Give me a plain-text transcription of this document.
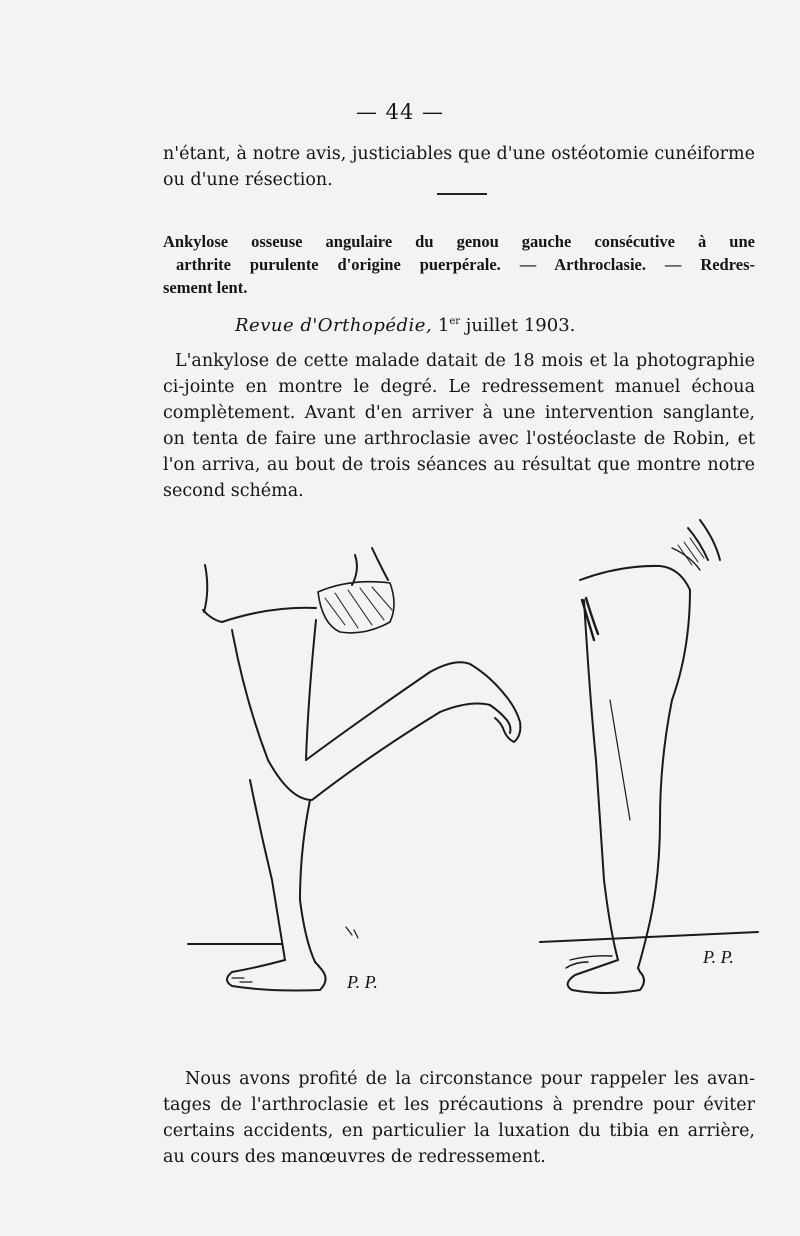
— 44 —
n'étant, à notre avis, justiciables que d'une ostéotomie cunéiforme
ou d'une résection.
Ankylose osseuse angulaire du genou gauche consécutive à une
arthrite purulente d'origine puerpérale. — Arthroclasie. — Redres-
sement lent.
Revue d'Orthopédie, 1er juillet 1903.
L'ankylose de cette malade datait de 18 mois et la photographie
ci-jointe en montre le degré. Le redressement manuel échoua
complètement. Avant d'en arriver à une intervention sanglante,
on tenta de faire une arthroclasie avec l'ostéoclaste de Robin, et
l'on arriva, au bout de trois séances au résultat que montre notre
second schéma.
P. P.
P. P.
Nous avons profité de la circonstance pour rappeler les avan-
tages de l'arthroclasie et les précautions à prendre pour éviter
certains accidents, en particulier la luxation du tibia en arrière,
au cours des manœuvres de redressement.
